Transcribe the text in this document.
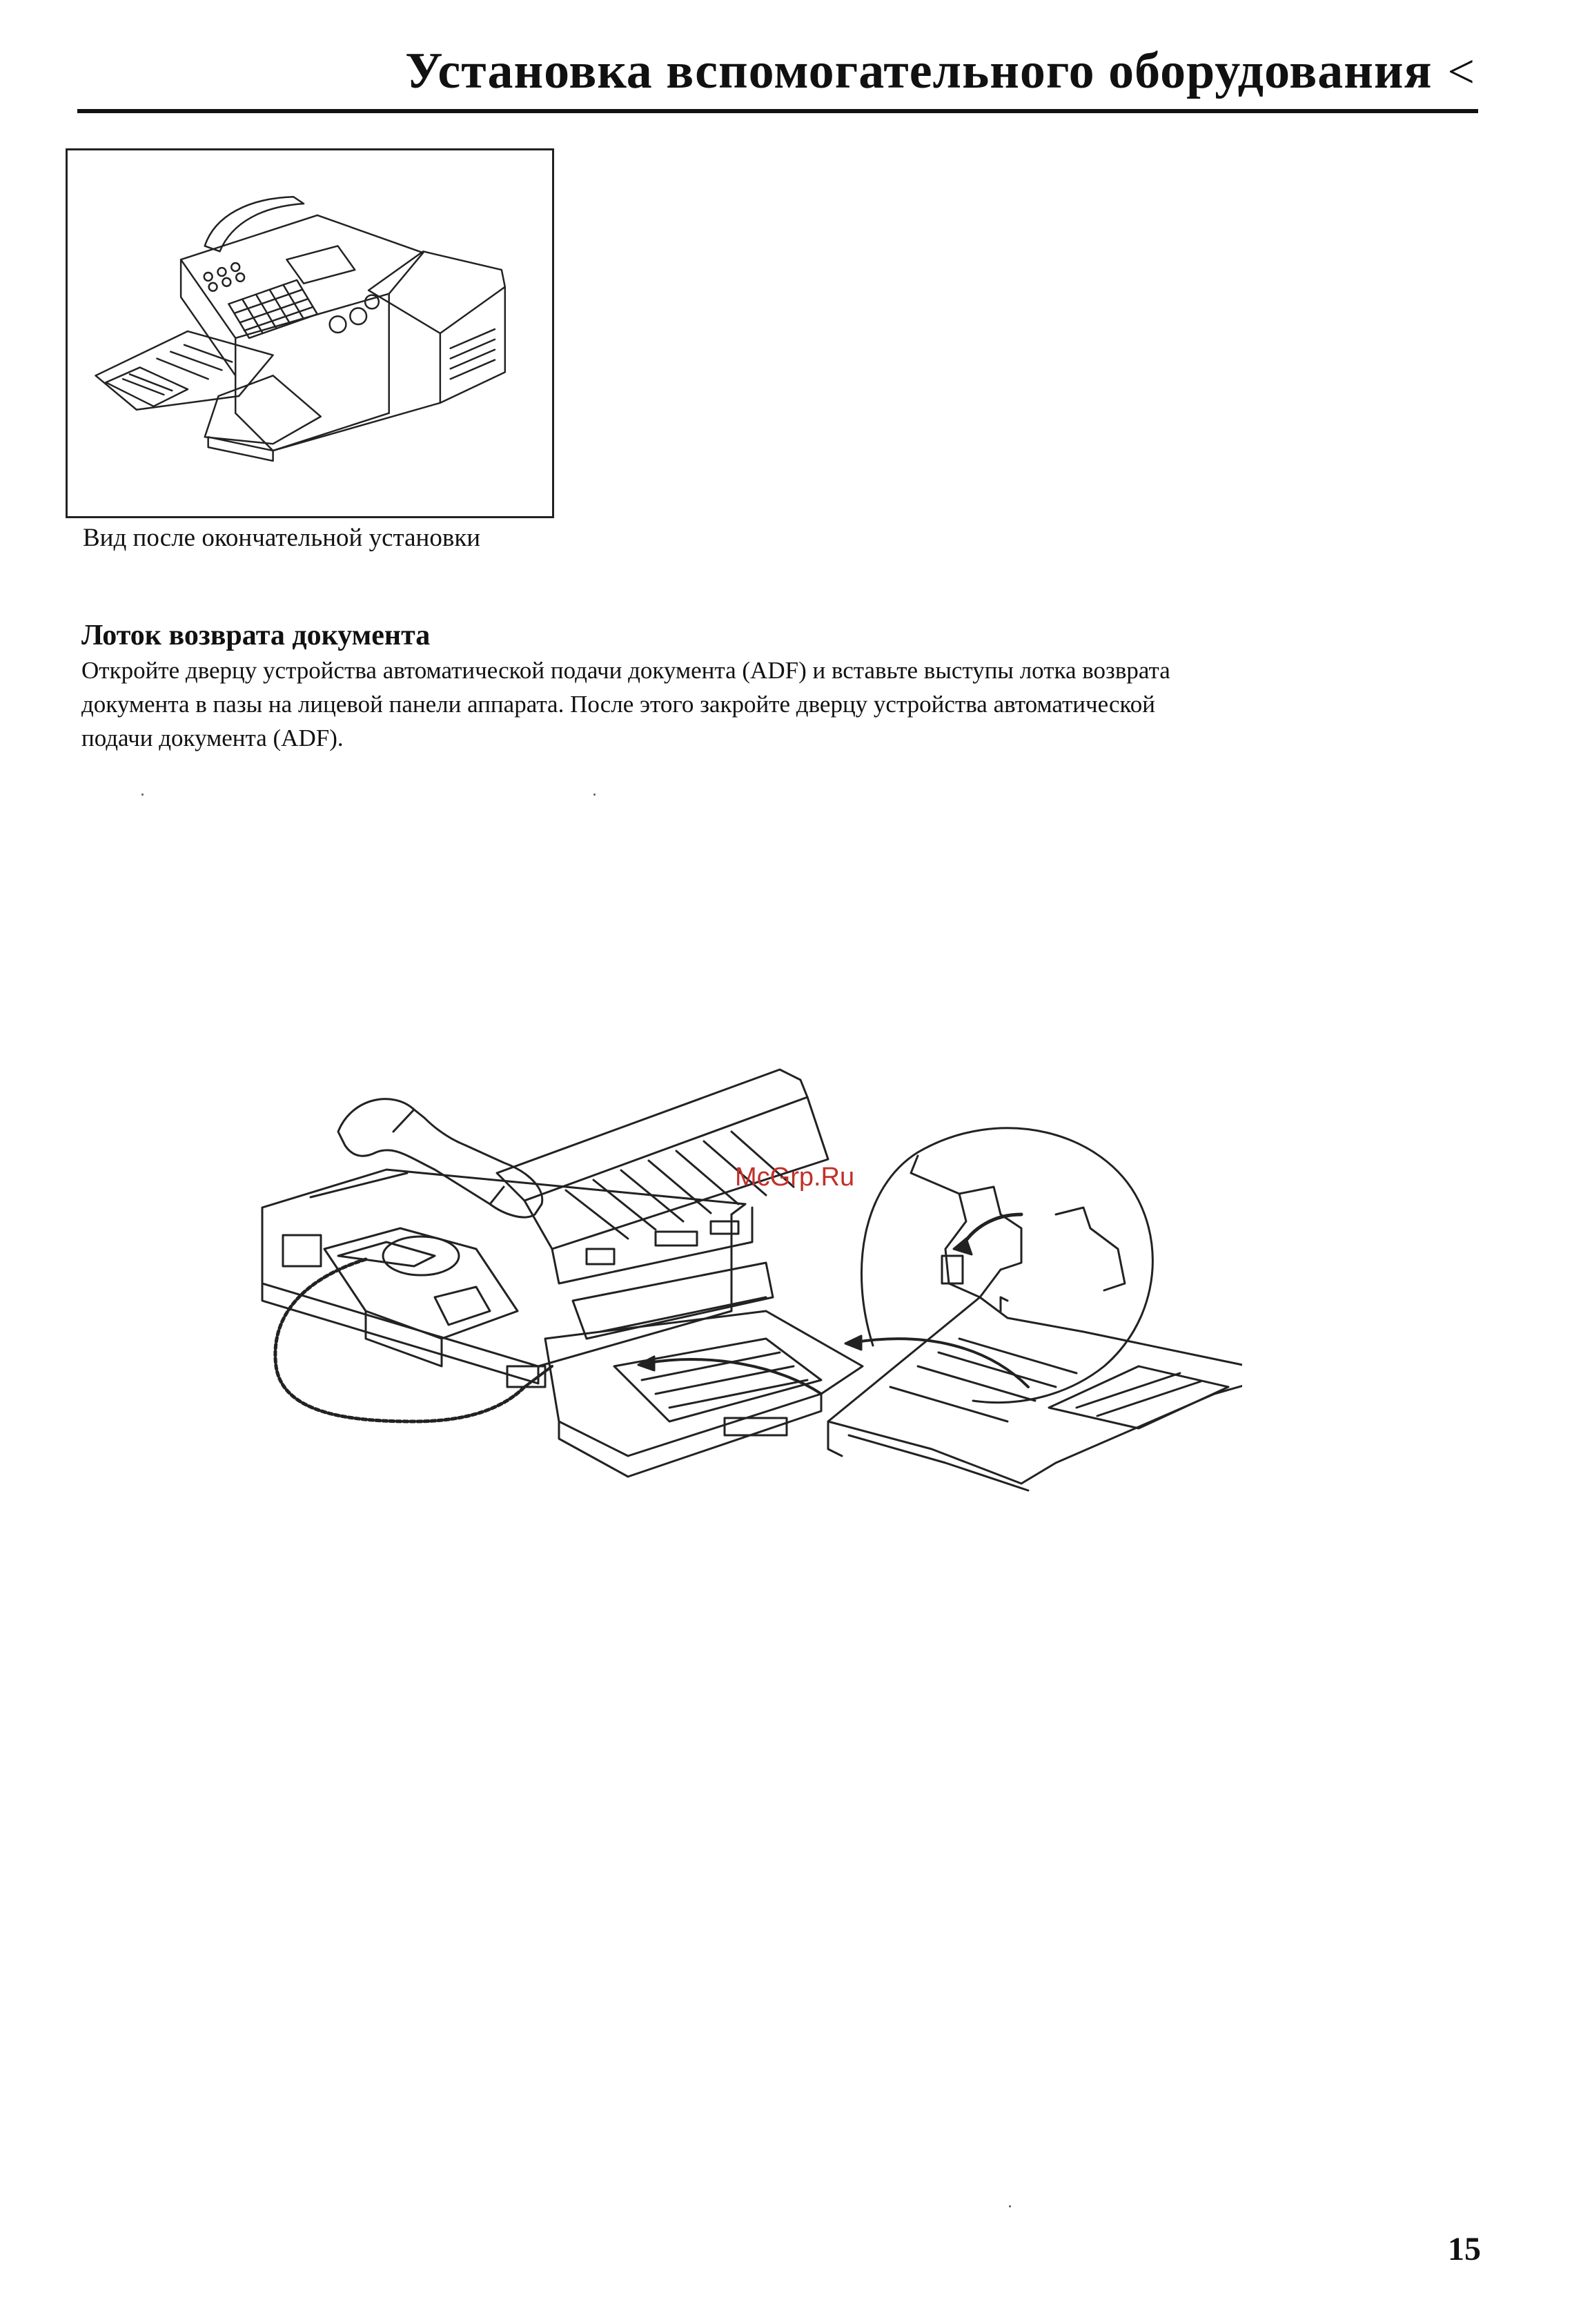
Установка вспомогательного оборудования <
Вид после окончательной установки
Лоток возврата документа
Откройте дверцу устройства автоматической подачи документа (ADF) и вставьте выступы лотка возврата
документа в пазы на лицевой панели аппарата. После этого закройте дверцу устройства автоматической
подачи документа (ADF).
McGrp.Ru
15
